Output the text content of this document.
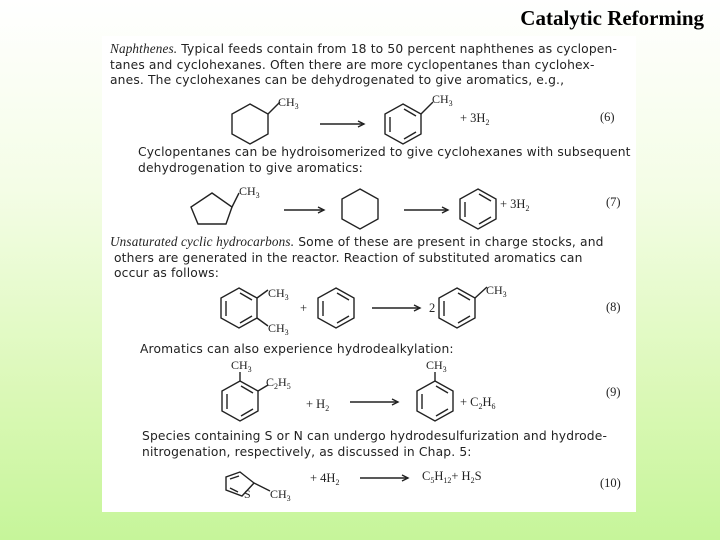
Catalytic Reforming
Naphthenes. Typical feeds contain from 18 to 50 percent naphthenes as cyclopen-
tanes and cyclohexanes. Often there are more cyclopentanes than cyclohex-
anes. The cyclohexanes can be dehydrogenated to give aromatics, e.g.,
Cyclopentanes can be hydroisomerized to give cyclohexanes with subsequent
dehydrogenation to give aromatics:
Unsaturated cyclic hydrocarbons. Some of these are present in charge stocks, and
others are generated in the reactor. Reaction of substituted aromatics can
occur as follows:
Aromatics can also experience hydrodealkylation:
Species containing S or N can undergo hydrodesulfurization and hydrode-
nitrogenation, respectively, as discussed in Chap. 5:
$CH_3$
$CH_3$
+ $3H_2$	(6)
$CH_3$
+ $3H_2$	(7)
$CH_3$
$CH_3$
+	2
$CH_3$
(8)
$CH_3$
$C_2H_5$
+ $H_2$
$CH_3$
+ $C_2H_6$
(9)
S $CH_3$
+ $4H_2$	$C_5H_{12}+ H_2S$	(10)
